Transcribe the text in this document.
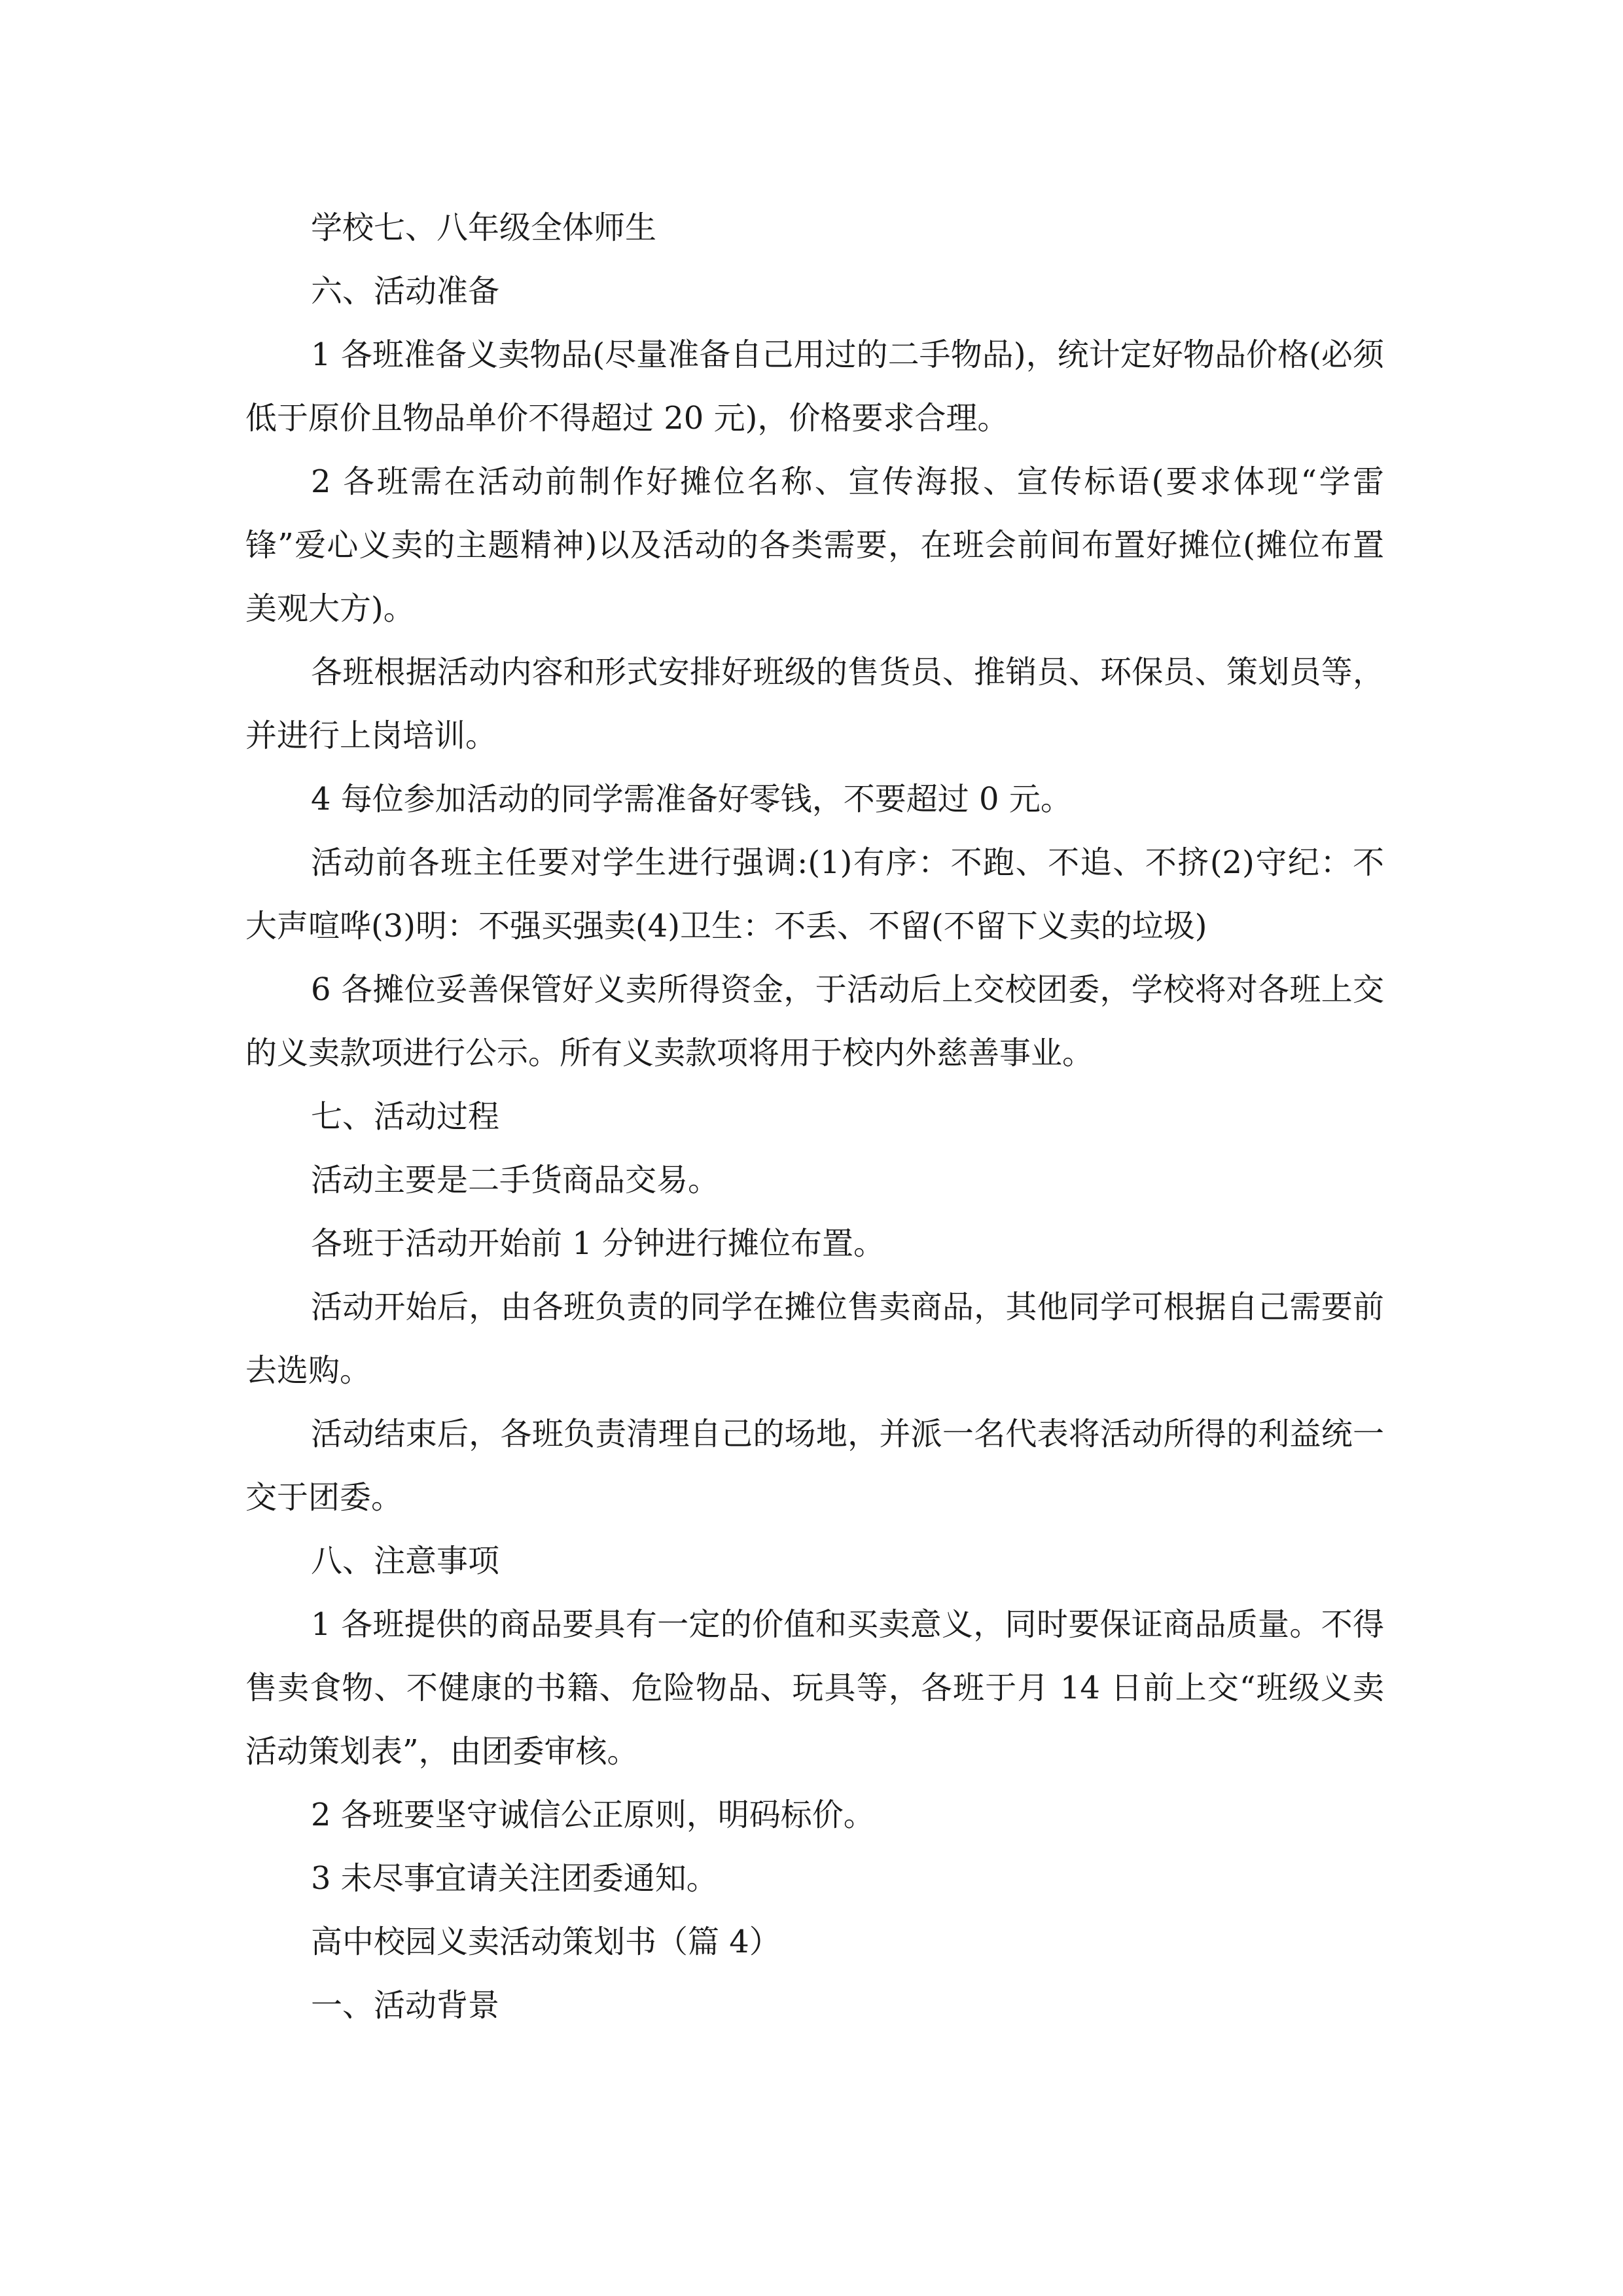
学校七、八年级全体师生

六、活动准备

1 各班准备义卖物品(尽量准备自己用过的二手物品)，统计定好物品价格(必须低于原价且物品单价不得超过 20 元)，价格要求合理。

2 各班需在活动前制作好摊位名称、宣传海报、宣传标语(要求体现“学雷锋”爱心义卖的主题精神)以及活动的各类需要，在班会前间布置好摊位(摊位布置美观大方)。

各班根据活动内容和形式安排好班级的售货员、推销员、环保员、策划员等，并进行上岗培训。

4 每位参加活动的同学需准备好零钱，不要超过 0 元。

活动前各班主任要对学生进行强调:(1)有序：不跑、不追、不挤(2)守纪：不大声喧哗(3)明：不强买强卖(4)卫生：不丢、不留(不留下义卖的垃圾)

6 各摊位妥善保管好义卖所得资金，于活动后上交校团委，学校将对各班上交的义卖款项进行公示。所有义卖款项将用于校内外慈善事业。

七、活动过程

活动主要是二手货商品交易。

各班于活动开始前 1 分钟进行摊位布置。

活动开始后，由各班负责的同学在摊位售卖商品，其他同学可根据自己需要前去选购。

活动结束后，各班负责清理自己的场地，并派一名代表将活动所得的利益统一交于团委。

八、注意事项

1 各班提供的商品要具有一定的价值和买卖意义，同时要保证商品质量。不得售卖食物、不健康的书籍、危险物品、玩具等，各班于月 14 日前上交“班级义卖活动策划表”，由团委审核。

2 各班要坚守诚信公正原则，明码标价。

3 未尽事宜请关注团委通知。

高中校园义卖活动策划书（篇 4）

一、活动背景
